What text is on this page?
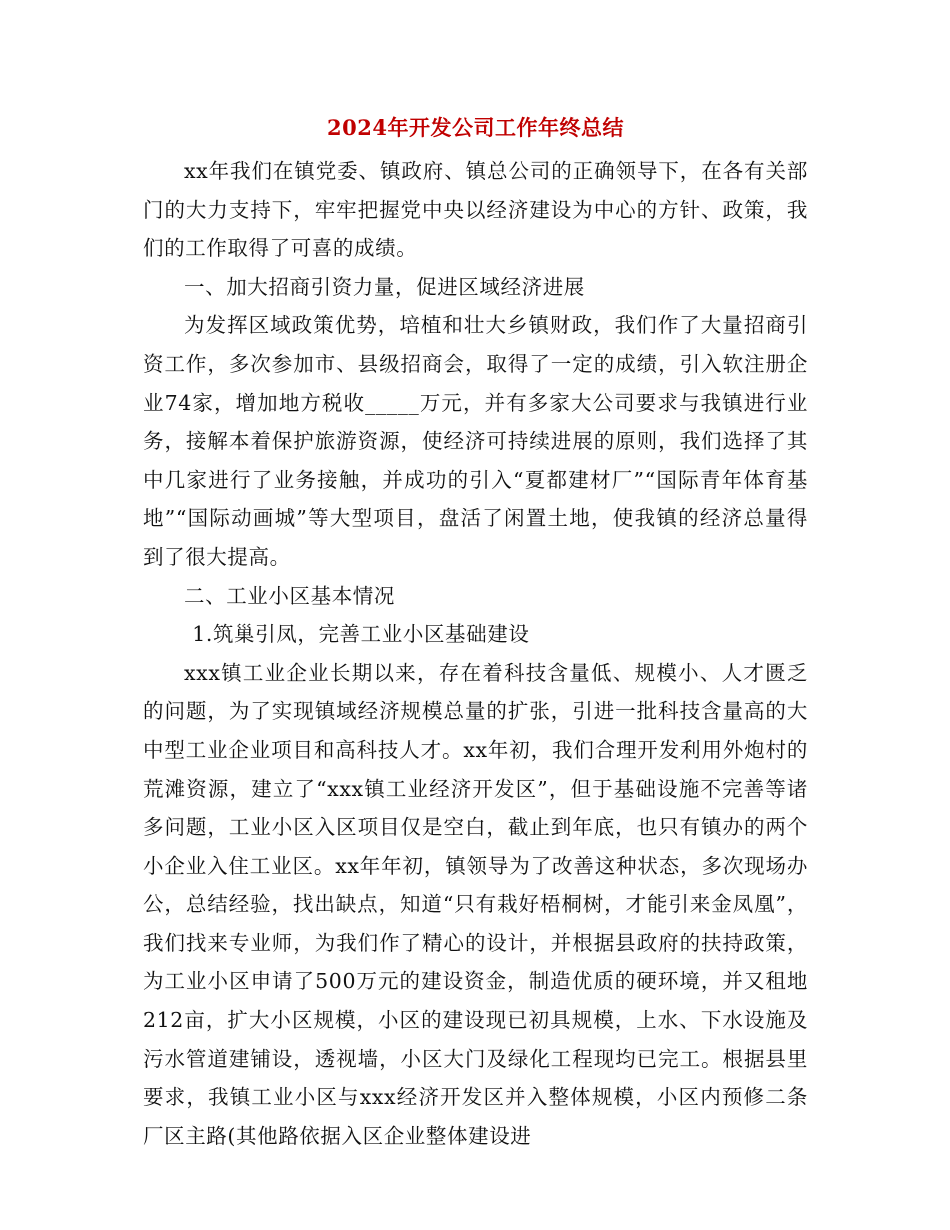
2024年开发公司工作年终总结

xx年我们在镇党委、镇政府、镇总公司的正确领导下，在各有关部门的大力支持下，牢牢把握党中央以经济建设为中心的方针、政策，我们的工作取得了可喜的成绩。

一、加大招商引资力量，促进区域经济进展

为发挥区域政策优势，培植和壮大乡镇财政，我们作了大量招商引资工作，多次参加市、县级招商会，取得了一定的成绩，引入软注册企业74家，增加地方税收_____万元，并有多家大公司要求与我镇进行业务，接解本着保护旅游资源，使经济可持续进展的原则，我们选择了其中几家进行了业务接触，并成功的引入“夏都建材厂”“国际青年体育基地”“国际动画城”等大型项目，盘活了闲置土地，使我镇的经济总量得到了很大提高。

二、工业小区基本情况

1.筑巢引凤，完善工业小区基础建设

xxx镇工业企业长期以来，存在着科技含量低、规模小、人才匮乏的问题，为了实现镇域经济规模总量的扩张，引进一批科技含量高的大中型工业企业项目和高科技人才。xx年初，我们合理开发利用外炮村的荒滩资源，建立了“xxx镇工业经济开发区”，但于基础设施不完善等诸多问题，工业小区入区项目仅是空白，截止到年底，也只有镇办的两个小企业入住工业区。xx年年初，镇领导为了改善这种状态，多次现场办公，总结经验，找出缺点，知道“只有栽好梧桐树，才能引来金凤凰”，我们找来专业师，为我们作了精心的设计，并根据县政府的扶持政策，为工业小区申请了500万元的建设资金，制造优质的硬环境，并又租地212亩，扩大小区规模，小区的建设现已初具规模，上水、下水设施及污水管道建铺设，透视墙，小区大门及绿化工程现均已完工。根据县里要求，我镇工业小区与xxx经济开发区并入整体规模，小区内预修二条厂区主路(其他路依据入区企业整体建设进
